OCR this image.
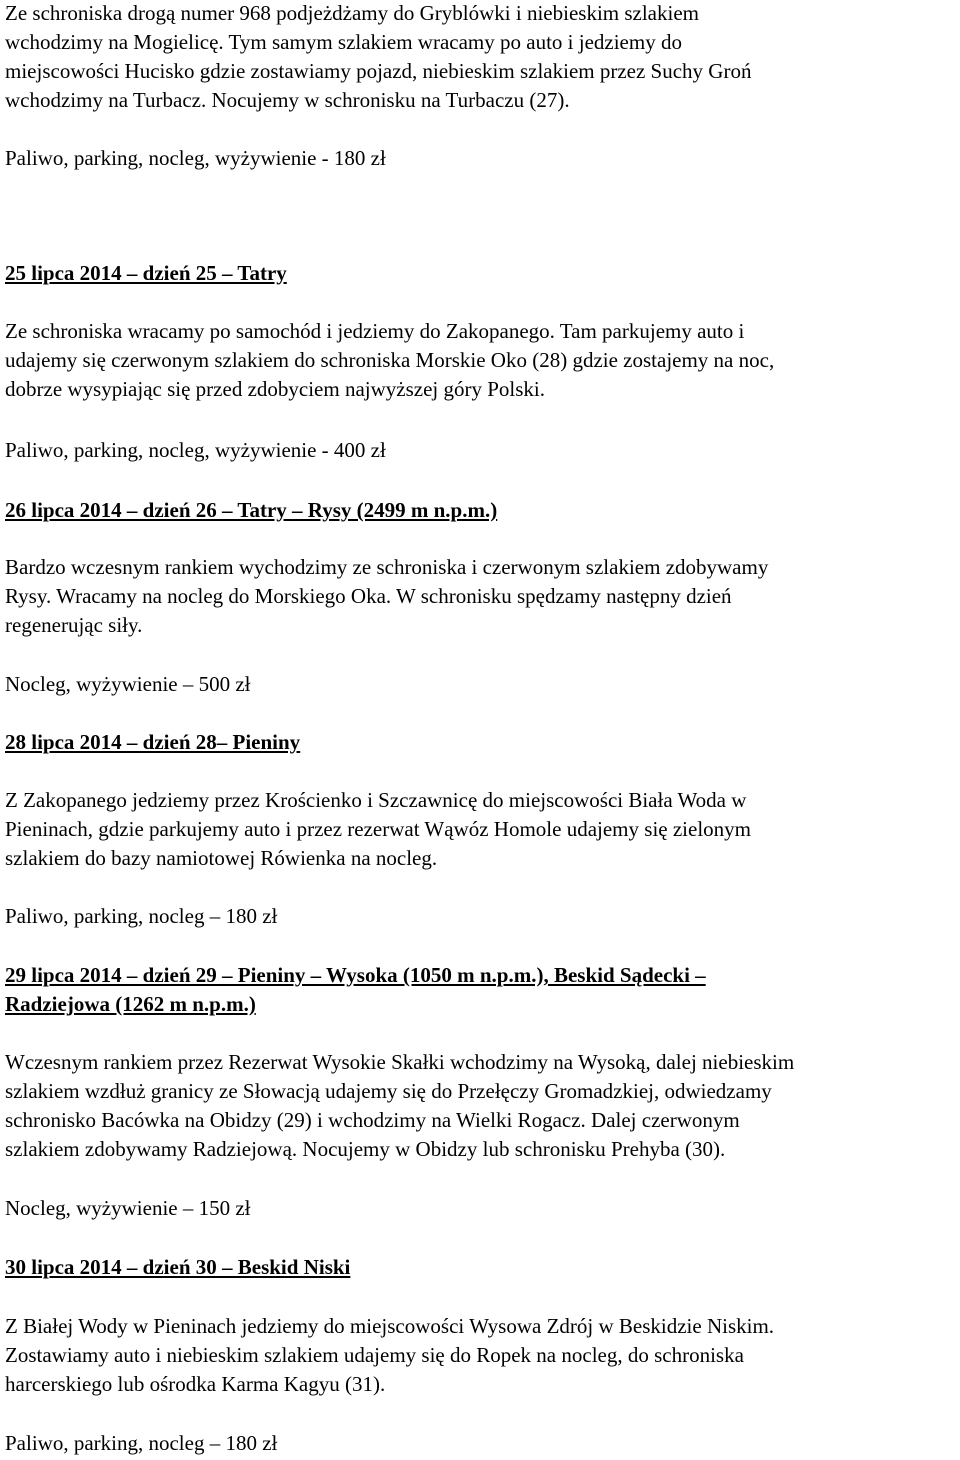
Ze schroniska drogą numer 968 podjeżdżamy do Gryblówki i niebieskim szlakiem
wchodzimy na Mogielicę. Tym samym szlakiem wracamy po auto i jedziemy do
miejscowości Hucisko gdzie zostawiamy pojazd, niebieskim szlakiem przez Suchy Groń
wchodzimy na Turbacz. Nocujemy w schronisku na Turbaczu (27).
Paliwo, parking, nocleg, wyżywienie - 180 zł
25 lipca 2014 – dzień 25 – Tatry
Ze schroniska wracamy po samochód i jedziemy do Zakopanego. Tam parkujemy auto i
udajemy się czerwonym szlakiem do schroniska Morskie Oko (28) gdzie zostajemy na noc,
dobrze wysypiając się przed zdobyciem najwyższej góry Polski.
Paliwo, parking, nocleg, wyżywienie - 400 zł
26 lipca 2014 – dzień 26 – Tatry – Rysy (2499 m n.p.m.)
Bardzo wczesnym rankiem wychodzimy ze schroniska i czerwonym szlakiem zdobywamy
Rysy. Wracamy na nocleg do Morskiego Oka. W schronisku spędzamy następny dzień
regenerując siły.
Nocleg, wyżywienie – 500 zł
28 lipca 2014 – dzień 28– Pieniny
Z Zakopanego jedziemy przez Krościenko i Szczawnicę do miejscowości Biała Woda w
Pieninach, gdzie parkujemy auto i przez rezerwat Wąwóz Homole udajemy się zielonym
szlakiem do bazy namiotowej Rówienka na nocleg.
Paliwo, parking, nocleg – 180 zł
29 lipca 2014 – dzień 29 – Pieniny – Wysoka (1050 m n.p.m.), Beskid Sądecki –
Radziejowa (1262 m n.p.m.)
Wczesnym rankiem przez Rezerwat Wysokie Skałki wchodzimy na Wysoką, dalej niebieskim
szlakiem wzdłuż granicy ze Słowacją udajemy się do Przełęczy Gromadzkiej, odwiedzamy
schronisko Bacówka na Obidzy (29) i wchodzimy na Wielki Rogacz. Dalej czerwonym
szlakiem zdobywamy Radziejową. Nocujemy w Obidzy lub schronisku Prehyba (30).
Nocleg, wyżywienie – 150 zł
30 lipca 2014 – dzień 30 – Beskid Niski
Z Białej Wody w Pieninach jedziemy do miejscowości Wysowa Zdrój w Beskidzie Niskim.
Zostawiamy auto i niebieskim szlakiem udajemy się do Ropek na nocleg, do schroniska
harcerskiego lub ośrodka Karma Kagyu (31).
Paliwo, parking, nocleg – 180 zł
